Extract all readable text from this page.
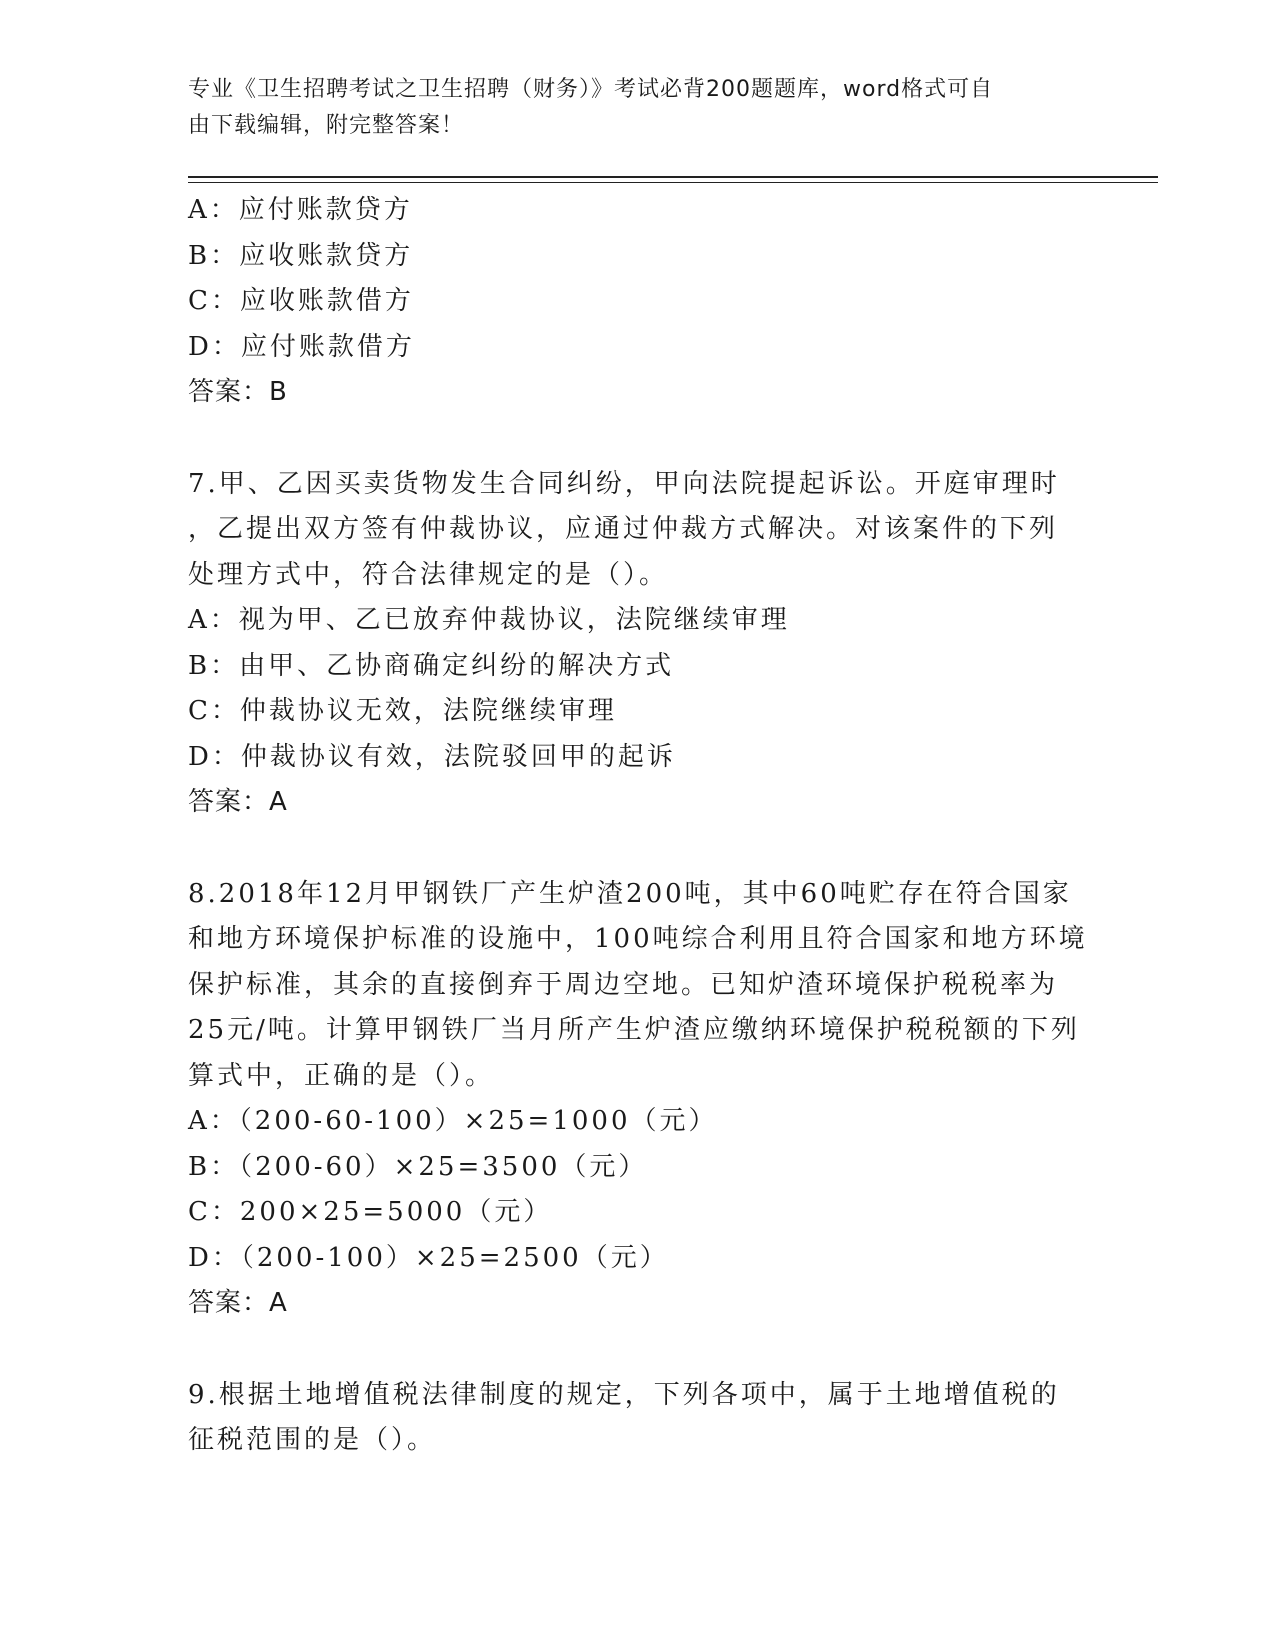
专业《卫生招聘考试之卫生招聘（财务）》考试必背200题题库，word格式可自
由下载编辑，附完整答案！
A：应付账款贷方
B：应收账款贷方
C：应收账款借方
D：应付账款借方
答案：B
7.甲、乙因买卖货物发生合同纠纷，甲向法院提起诉讼。开庭审理时
，乙提出双方签有仲裁协议，应通过仲裁方式解决。对该案件的下列
处理方式中，符合法律规定的是（）。
A：视为甲、乙已放弃仲裁协议，法院继续审理
B：由甲、乙协商确定纠纷的解决方式
C：仲裁协议无效，法院继续审理
D：仲裁协议有效，法院驳回甲的起诉
答案：A
8.2018年12月甲钢铁厂产生炉渣200吨，其中60吨贮存在符合国家
和地方环境保护标准的设施中，100吨综合利用且符合国家和地方环境
保护标准，其余的直接倒弃于周边空地。已知炉渣环境保护税税率为
25元/吨。计算甲钢铁厂当月所产生炉渣应缴纳环境保护税税额的下列
算式中，正确的是（）。
A：（200-60-100）×25=1000（元）
B：（200-60）×25=3500（元）
C：200×25=5000（元）
D：（200-100）×25=2500（元）
答案：A
9.根据土地增值税法律制度的规定，下列各项中，属于土地增值税的
征税范围的是（）。
